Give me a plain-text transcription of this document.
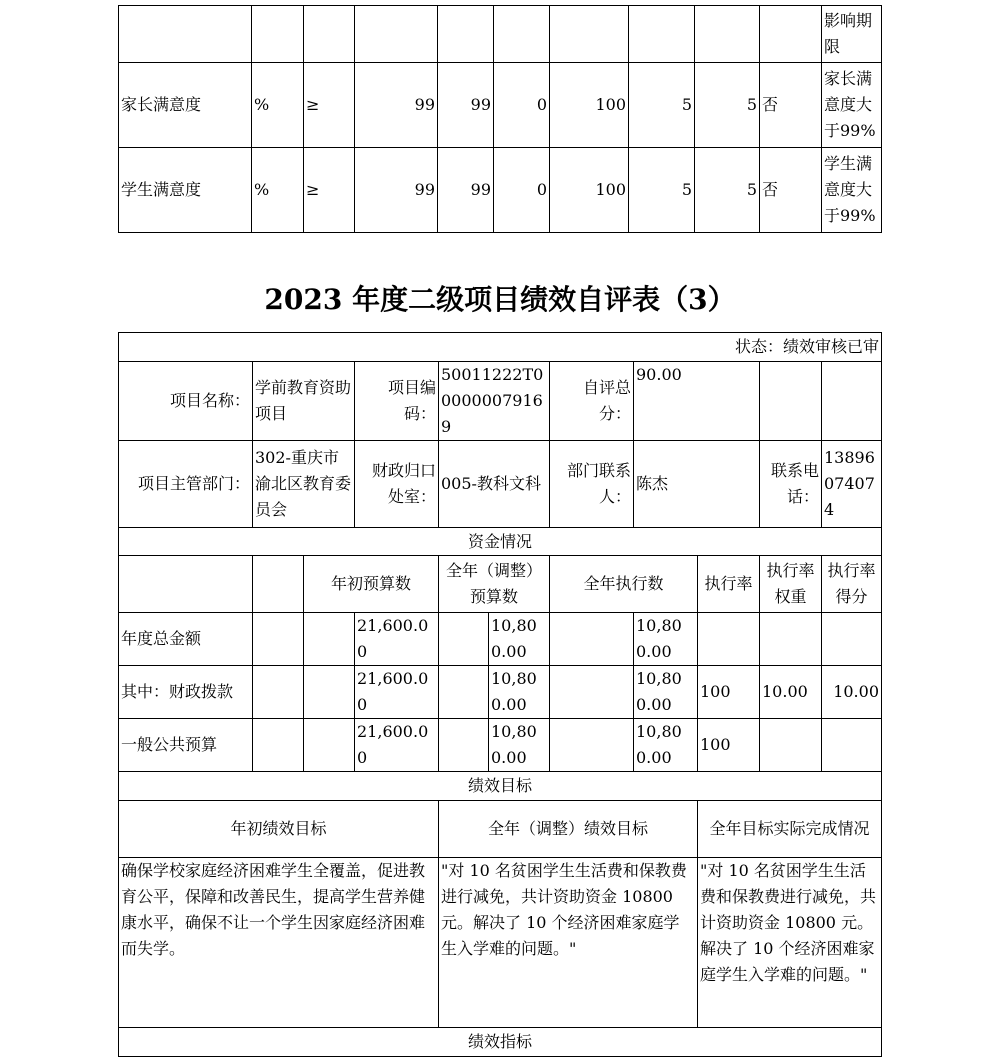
										影响期限
家长满意度	%	≥	99	99	0	100	5	5	否	家长满意度大于99%
学生满意度	%	≥	99	99	0	100	5	5	否	学生满意度大于99%
2023 年度二级项目绩效自评表（3）
状态：绩效审核已审										
项目名称：	学前教育资助项目		项目编码：	50011222T000000079169		自评总分：	90.00			
项目主管部门：	302-重庆市渝北区教育委员会		财政归口处室：	005-教科文科		部门联系人：	陈杰		联系电话：	13896074074
资金情况										
		年初预算数		全年（调整）预算数		全年执行数		执行率	执行率权重	执行率得分
年度总金额			21,600.00		10,800.00		10,800.00			
其中：财政拨款			21,600.00		10,800.00		10,800.00	100	10.00	10.00
一般公共预算			21,600.00		10,800.00		10,800.00	100		
绩效目标										
年初绩效目标				全年（调整）绩效目标				全年目标实际完成情况		
确保学校家庭经济困难学生全覆盖，促进教育公平，保障和改善民生，提高学生营养健康水平，确保不让一个学生因家庭经济困难而失学。				"对 10 名贫困学生生活费和保教费进行减免，共计资助资金 10800 元。解决了 10 个经济困难家庭学生入学难的问题。"				"对 10 名贫困学生生活费和保教费进行减免，共计资助资金 10800 元。解决了 10 个经济困难家庭学生入学难的问题。"		
绩效指标										
